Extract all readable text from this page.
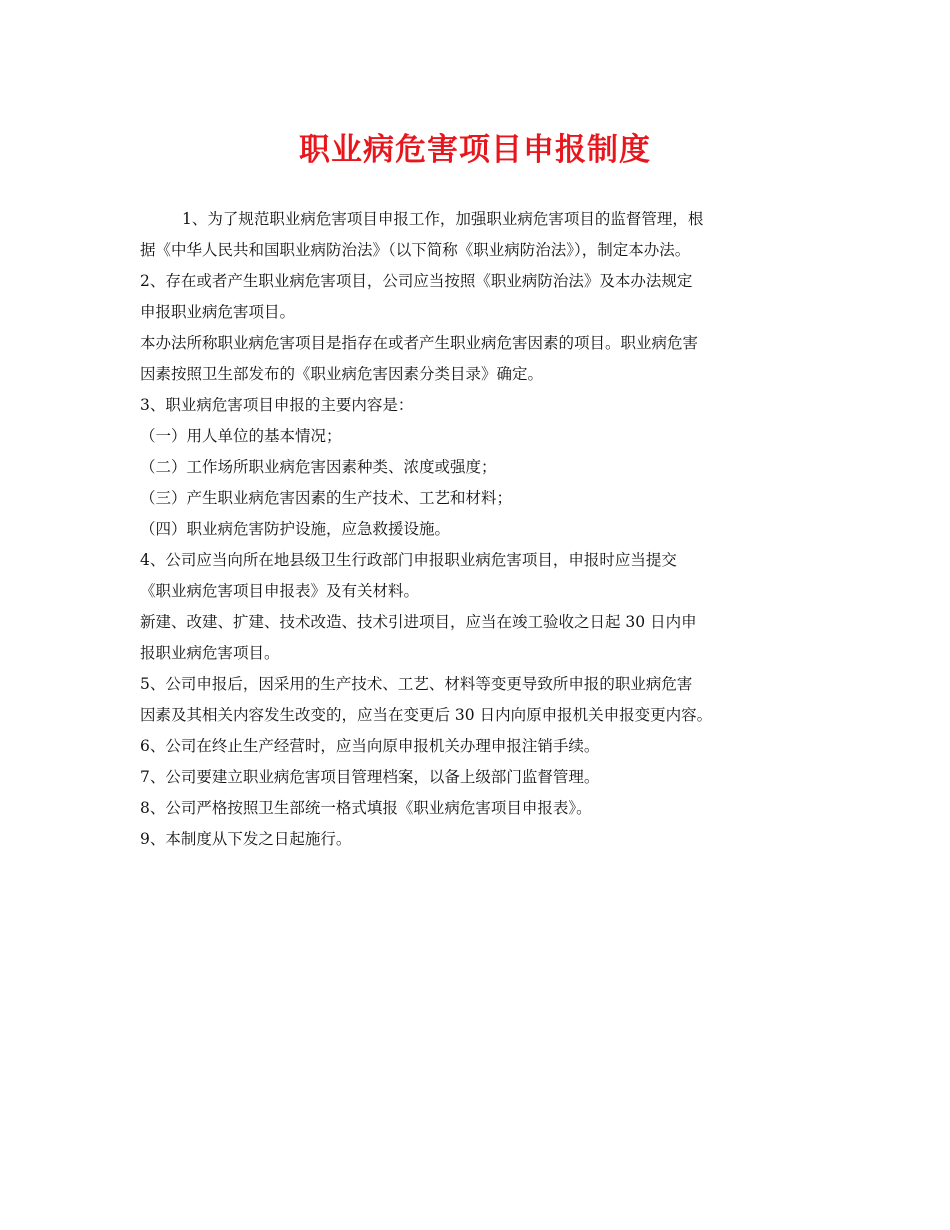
职业病危害项目申报制度

1、为了规范职业病危害项目申报工作，加强职业病危害项目的监督管理，根

据《中华人民共和国职业病防治法》（以下简称《职业病防治法》），制定本办法。

2、存在或者产生职业病危害项目，公司应当按照《职业病防治法》及本办法规定

申报职业病危害项目。

本办法所称职业病危害项目是指存在或者产生职业病危害因素的项目。职业病危害

因素按照卫生部发布的《职业病危害因素分类目录》确定。

3、职业病危害项目申报的主要内容是：

（一）用人单位的基本情况；

（二）工作场所职业病危害因素种类、浓度或强度；

（三）产生职业病危害因素的生产技术、工艺和材料；

（四）职业病危害防护设施，应急救援设施。

4、公司应当向所在地县级卫生行政部门申报职业病危害项目，申报时应当提交

《职业病危害项目申报表》及有关材料。

新建、改建、扩建、技术改造、技术引进项目，应当在竣工验收之日起 30 日内申

报职业病危害项目。

5、公司申报后，因采用的生产技术、工艺、材料等变更导致所申报的职业病危害

因素及其相关内容发生改变的，应当在变更后 30 日内向原申报机关申报变更内容。

6、公司在终止生产经营时，应当向原申报机关办理申报注销手续。

7、公司要建立职业病危害项目管理档案，以备上级部门监督管理。

8、公司严格按照卫生部统一格式填报《职业病危害项目申报表》。

9、本制度从下发之日起施行。
